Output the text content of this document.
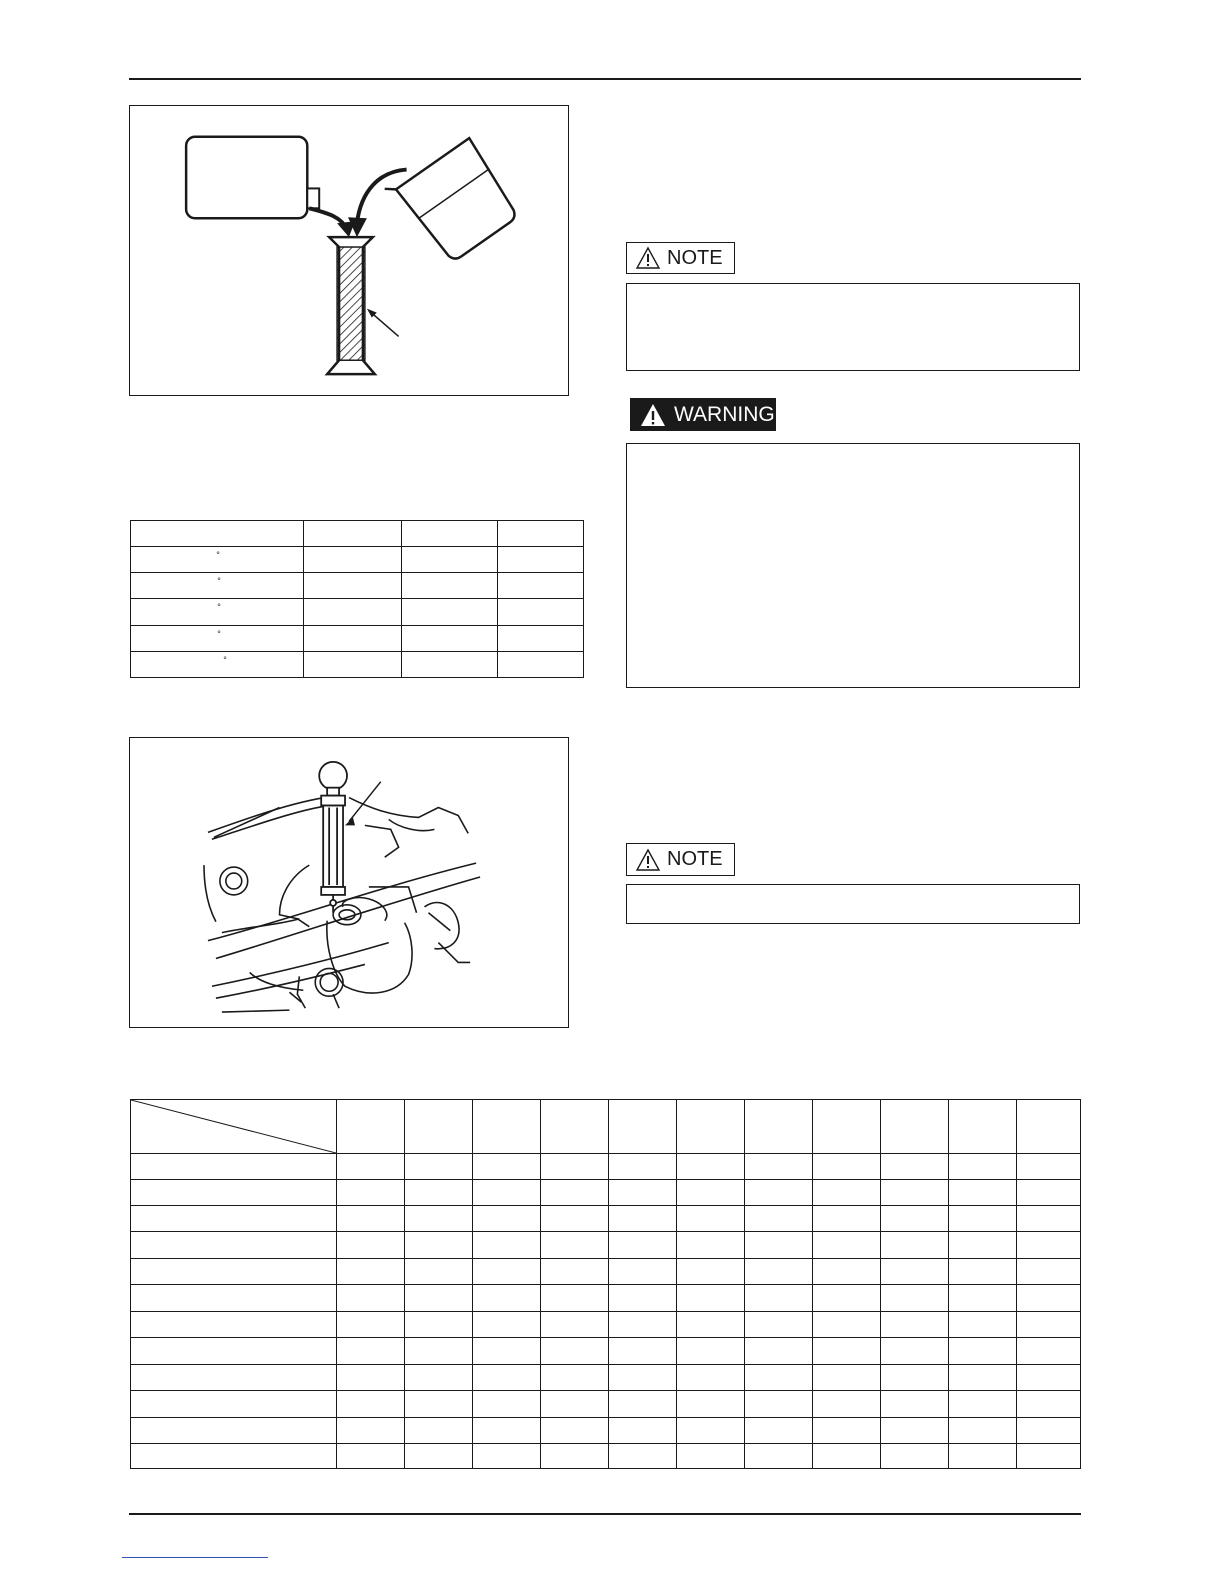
NOTE
WARNING

°			
°			
°			
°			
°			
NOTE
